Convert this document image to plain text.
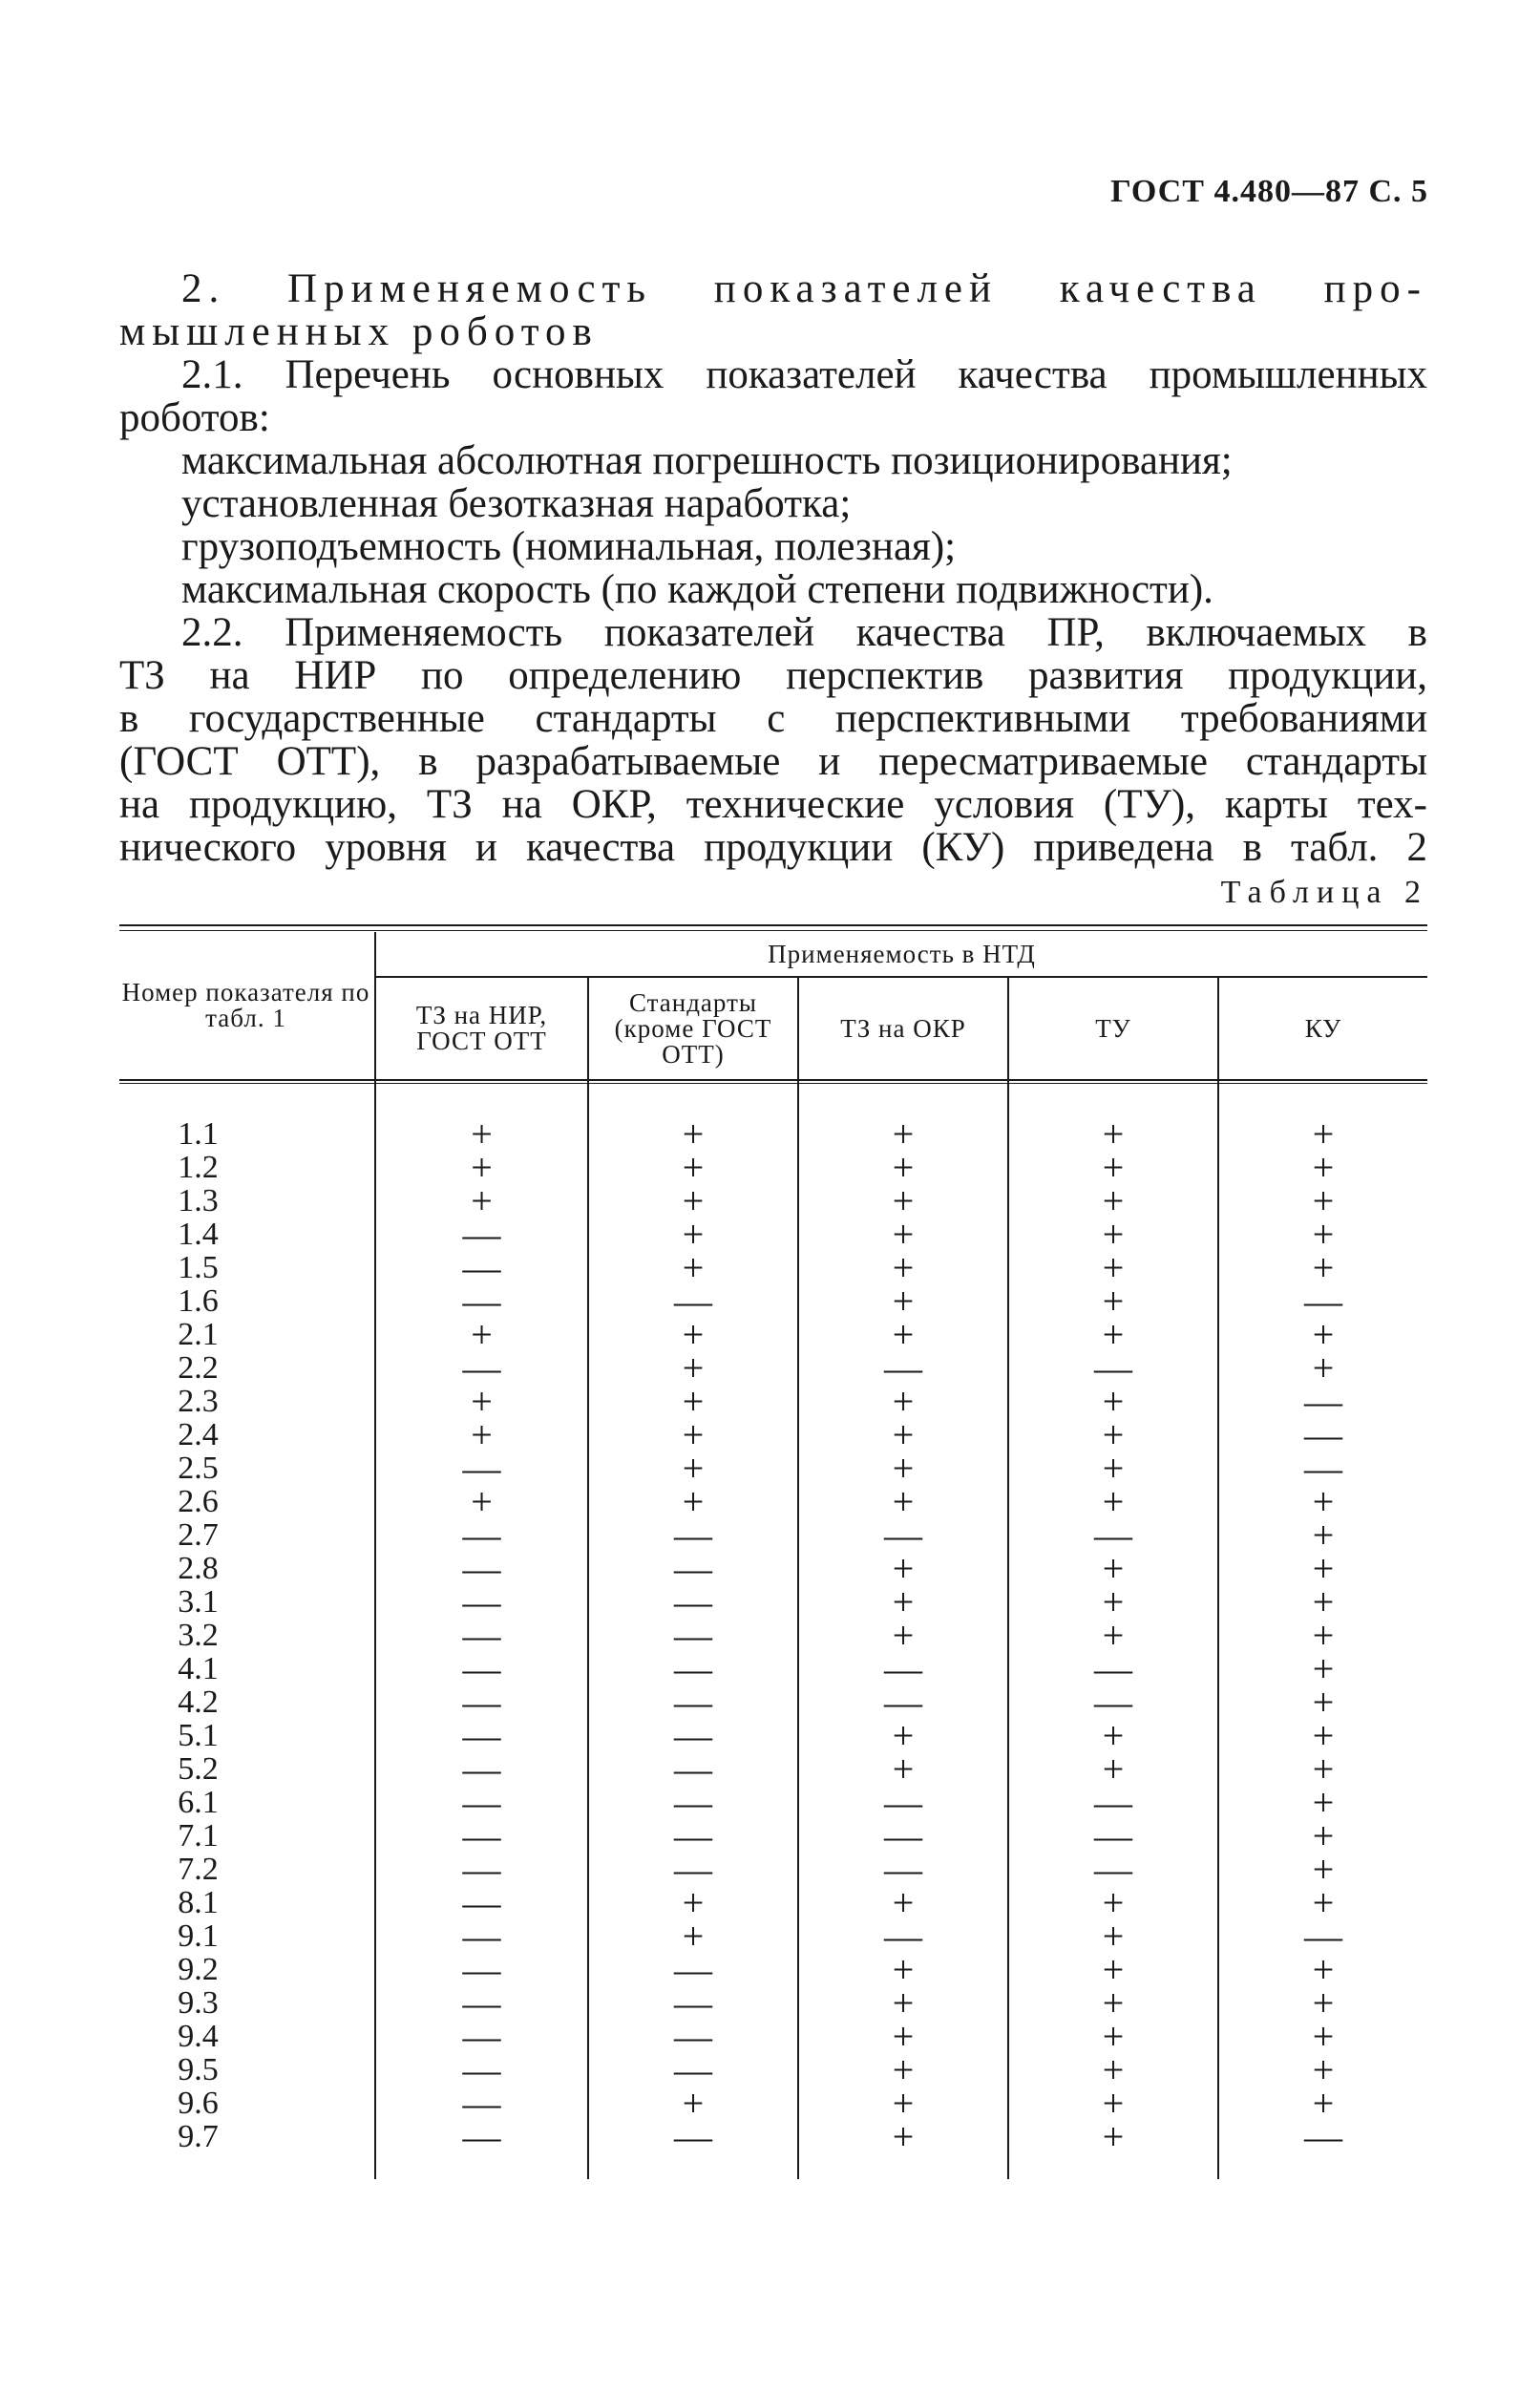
ГОСТ 4.480—87 С. 5
2. Применяемость показателей качества про-
мышленных роботов
2.1. Перечень основных показателей качества промышленных
роботов:
максимальная абсолютная погрешность позиционирования;
установленная безотказная наработка;
грузоподъемность (номинальная, полезная);
максимальная скорость (по каждой степени подвижности).
2.2. Применяемость показателей качества ПР, включаемых в
ТЗ на НИР по определению перспектив развития продукции,
в государственные стандарты с перспективными требованиями
(ГОСТ ОТТ), в разрабатываемые и пересматриваемые стандарты
на продукцию, ТЗ на ОКР, технические условия (ТУ), карты тех-
нического уровня и качества продукции (КУ) приведена в табл. 2
Таблица 2
Номер показателя по табл. 1
Применяемость в НТД
ТЗ на НИР, ГОСТ ОТТ
Стандарты (кроме ГОСТ ОТТ)
ТЗ на ОКР	ТУ	КУ
1.1
1.2
1.3
1.4
1.5
1.6
2.1
2.2
2.3
2.4
2.5
2.6
2.7
2.8
3.1
3.2
4.1
4.2
5.1
5.2
6.1
7.1
7.2
8.1
9.1
9.2
9.3
9.4
9.5
9.6
9.7
+
+
+
—
—
—
+
—
+
+
—
+
—
—
—
—
—
—
—
—
—
—
—
—
—
—
—
—
—
—
—
+
+
+
+
+
—
+
+
+
+
+
+
—
—
—
—
—
—
—
—
—
—
—
+
+
—
—
—
—
+
—
+
+
+
+
+
+
+
—
+
+
+
+
—
+
+
+
—
—
+
+
—
—
—
+
—
+
+
+
+
+
+
+
+
+
+
+
+
+
—
+
+
+
+
—
+
+
+
—
—
+
+
—
—
—
+
+
+
+
+
+
+
+
+
+
+
+
+
—
+
+
—
—
—
+
+
+
+
+
+
+
+
+
+
+
+
+
—
+
+
+
+
+
—
